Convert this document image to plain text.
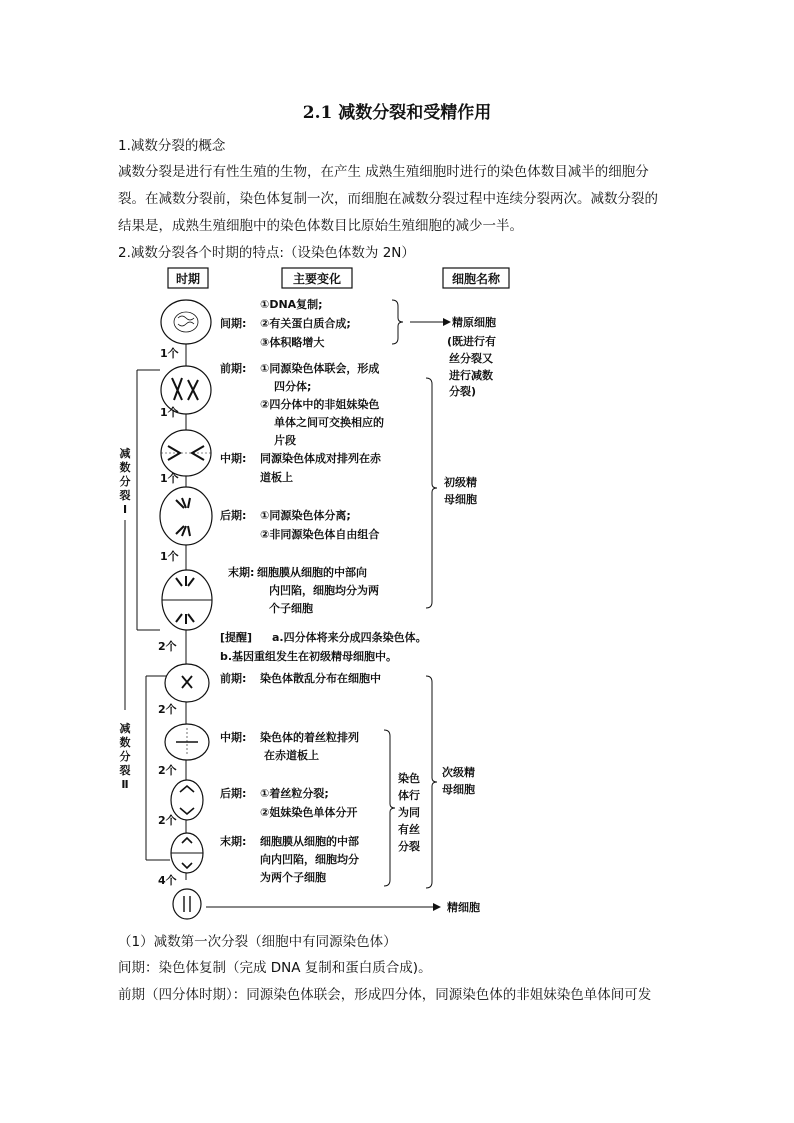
2.1 减数分裂和受精作用
1.减数分裂的概念
减数分裂是进行有性生殖的生物，在产生 成熟生殖细胞时进行的染色体数目减半的细胞分
裂。在减数分裂前，染色体复制一次，而细胞在减数分裂过程中连续分裂两次。减数分裂的
结果是，成熟生殖细胞中的染色体数目比原始生殖细胞的减少一半。
2.减数分裂各个时期的特点:（设染色体数为 2N）
时期	主要变化	细胞名称
1个
1个
1个
1个
2个
2个
2个
2个
4个
减
数
分
裂
Ⅰ
减
数
分
裂
Ⅱ
间期:
①DNA复制;
②有关蛋白质合成;
③体积略增大
精原细胞
(既进行有
丝分裂又
进行减数
分裂)
前期: ①同源染色体联会，形成
四分体;
②四分体中的非姐妹染色
单体之间可交换相应的
片段
中期: 同源染色体成对排列在赤
道板上
后期: ①同源染色体分离;
②非同源染色体自由组合
末期: 细胞膜从细胞的中部向
内凹陷，细胞均分为两
个子细胞
初级精
母细胞
[提醒] a.四分体将来分成四条染色体。
b.基因重组发生在初级精母细胞中。
前期: 染色体散乱分布在细胞中
中期: 染色体的着丝粒排列
在赤道板上
后期: ①着丝粒分裂;
②姐妹染色单体分开
末期: 细胞膜从细胞的中部
向内凹陷，细胞均分
为两个子细胞
染色
体行
为同
有丝
分裂
次级精
母细胞
精细胞
（1）减数第一次分裂（细胞中有同源染色体）
间期：染色体复制（完成 DNA 复制和蛋白质合成)。
前期（四分体时期）：同源染色体联会，形成四分体，同源染色体的非姐妹染色单体间可发
